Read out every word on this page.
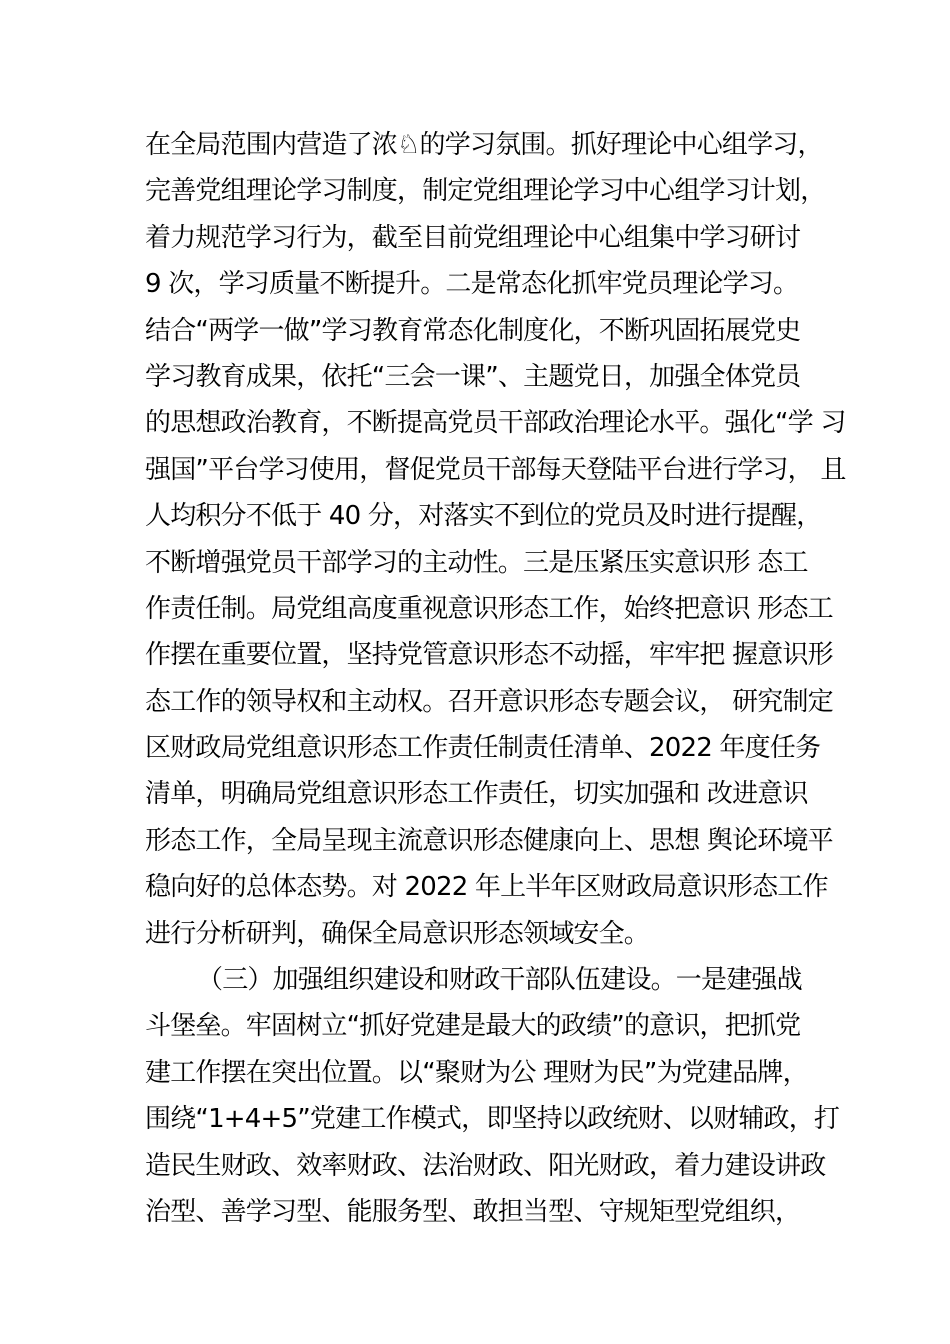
在全局范围内营造了浓♘的学习氛围。抓好理论中心组学习，
完善党组理论学习制度，制定党组理论学习中心组学习计划，
着力规范学习行为，截至目前党组理论中心组集中学习研讨
9 次，学习质量不断提升。二是常态化抓牢党员理论学习。
结合“两学一做”学习教育常态化制度化，不断巩固拓展党史
学习教育成果，依托“三会一课”、主题党日，加强全体党员
的思想政治教育，不断提高党员干部政治理论水平。强化“学 习
强国”平台学习使用，督促党员干部每天登陆平台进行学习， 且
人均积分不低于 40 分，对落实不到位的党员及时进行提醒，
不断增强党员干部学习的主动性。三是压紧压实意识形 态工
作责任制。局党组高度重视意识形态工作，始终把意识 形态工
作摆在重要位置，坚持党管意识形态不动摇，牢牢把 握意识形
态工作的领导权和主动权。召开意识形态专题会议， 研究制定
区财政局党组意识形态工作责任制责任清单、2022 年度任务
清单，明确局党组意识形态工作责任，切实加强和 改进意识
形态工作，全局呈现主流意识形态健康向上、思想 舆论环境平
稳向好的总体态势。对 2022 年上半年区财政局意识形态工作
进行分析研判，确保全局意识形态领域安全。
（三）加强组织建设和财政干部队伍建设。一是建强战
斗堡垒。牢固树立“抓好党建是最大的政绩”的意识，把抓党
建工作摆在突出位置。以“聚财为公 理财为民”为党建品牌，
围绕“1+4+5”党建工作模式，即坚持以政统财、以财辅政，打
造民生财政、效率财政、法治财政、阳光财政，着力建设讲政
治型、善学习型、能服务型、敢担当型、守规矩型党组织，
